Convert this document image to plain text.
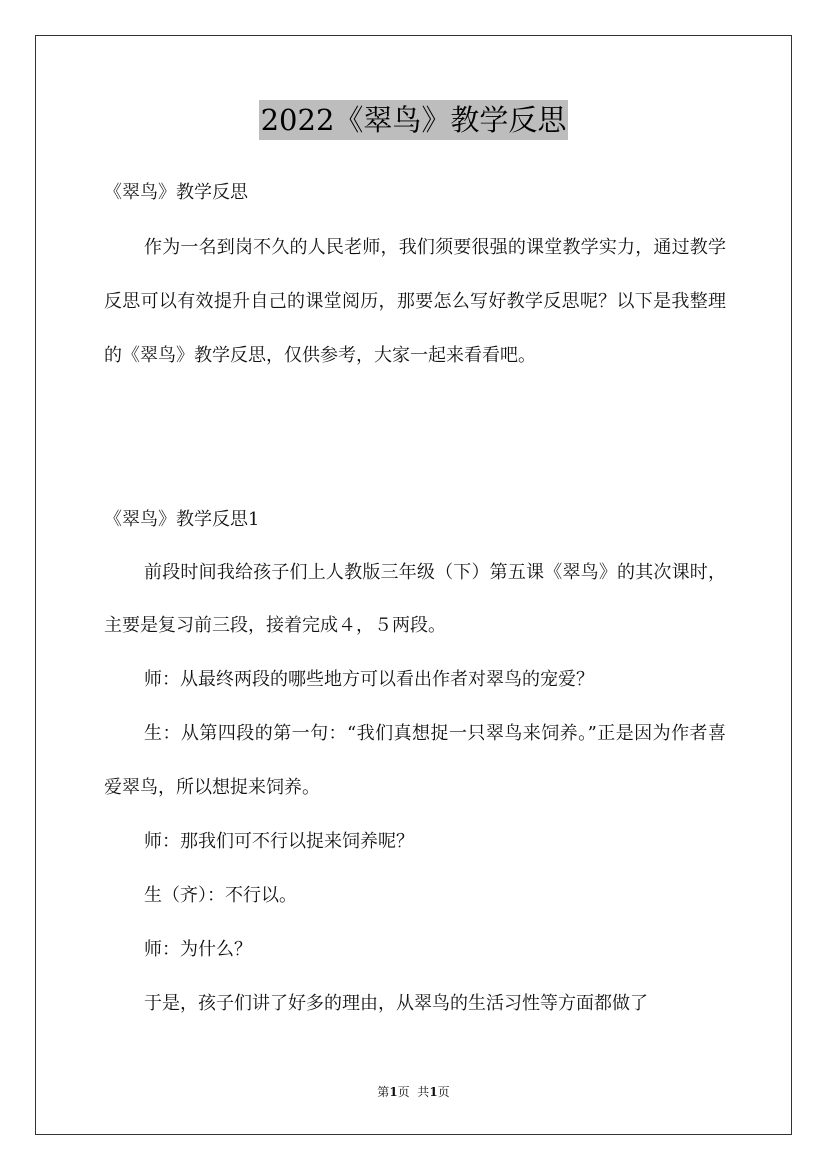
2022《翠鸟》教学反思

《翠鸟》教学反思

作为一名到岗不久的人民老师，我们须要很强的课堂教学实力，通过教学反思可以有效提升自己的课堂阅历，那要怎么写好教学反思呢？以下是我整理的《翠鸟》教学反思，仅供参考，大家一起来看看吧。

《翠鸟》教学反思1

前段时间我给孩子们上人教版三年级（下）第五课《翠鸟》的其次课时，主要是复习前三段，接着完成４，５两段。

师：从最终两段的哪些地方可以看出作者对翠鸟的宠爱？

生：从第四段的第一句：“我们真想捉一只翠鸟来饲养。”正是因为作者喜爱翠鸟，所以想捉来饲养。

师：那我们可不行以捉来饲养呢？

生（齐）：不行以。

师：为什么？

于是，孩子们讲了好多的理由，从翠鸟的生活习性等方面都做了

第1页  共1页
